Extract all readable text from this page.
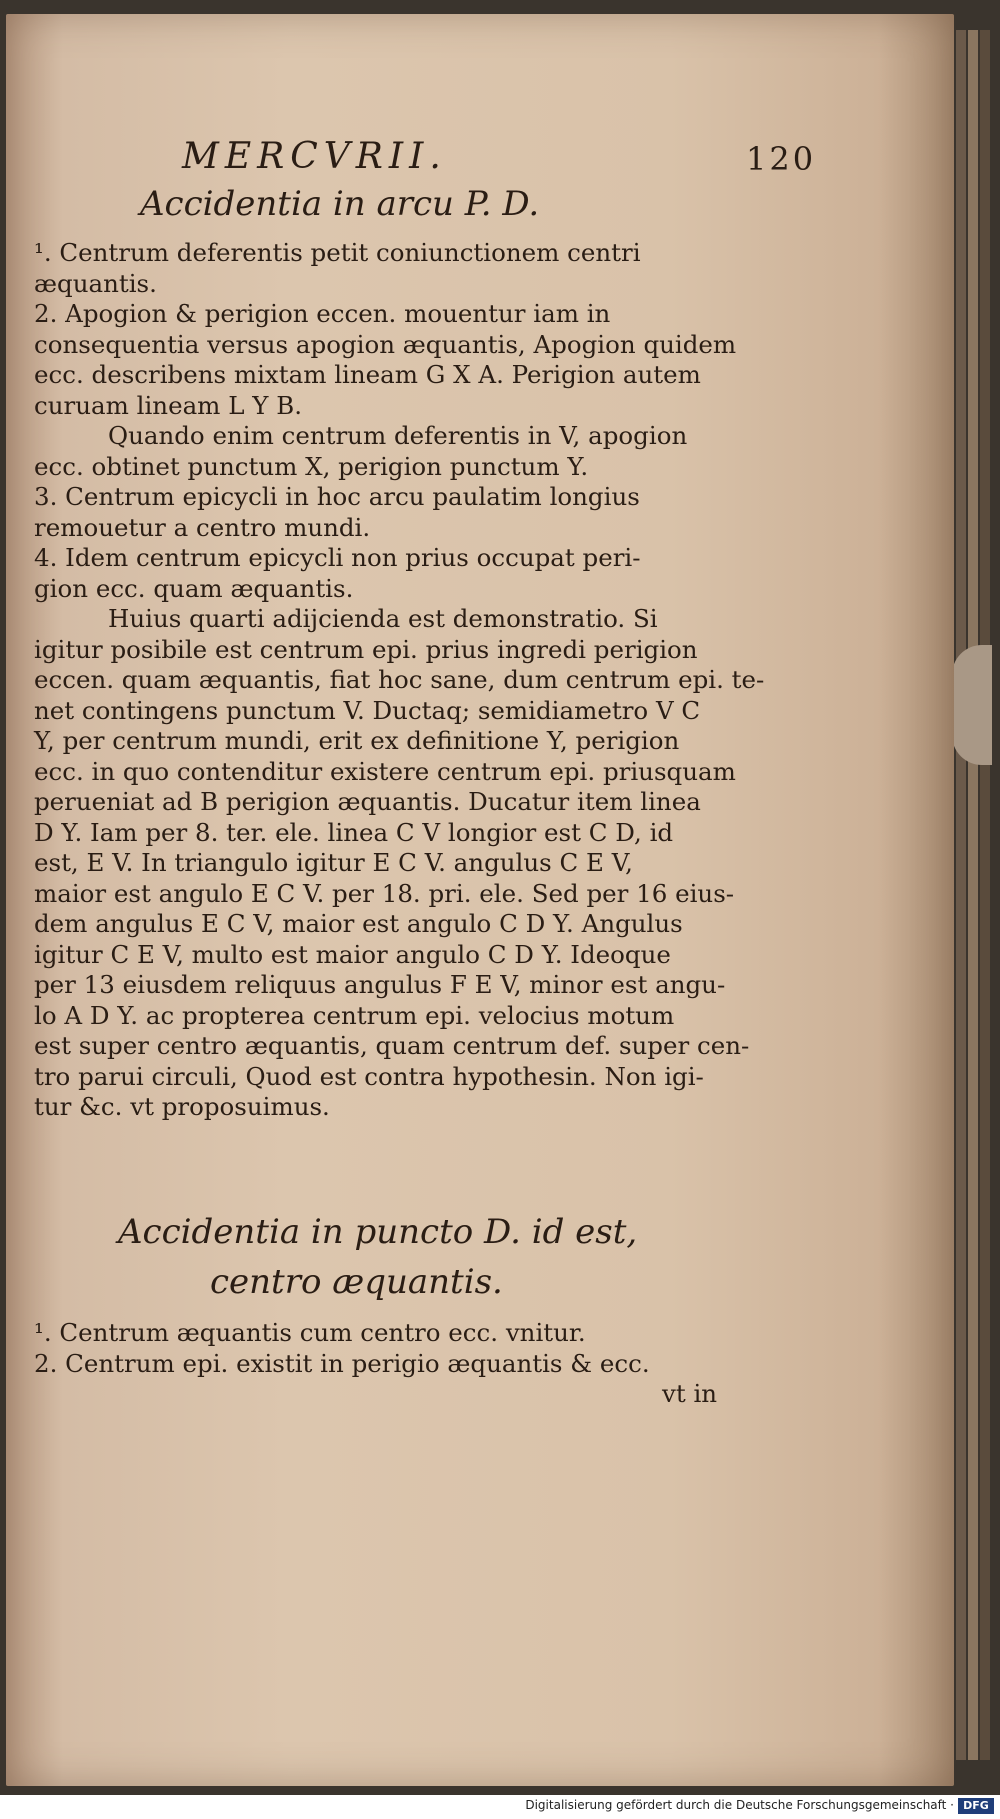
MERCVRII.	120
Accidentia in arcu P. D.

¹. Centrum deferentis petit coniunctionem centri

æquantis.

2. Apogion & perigion eccen. mouentur iam in

consequentia versus apogion æquantis, Apogion quidem

ecc. describens mixtam lineam G X A. Perigion autem

curuam lineam L Y B.

Quando enim centrum deferentis in V, apogion

ecc. obtinet punctum X, perigion punctum Y.

3. Centrum epicycli in hoc arcu paulatim longius

remouetur a centro mundi.

4. Idem centrum epicycli non prius occupat peri-

gion ecc. quam æquantis.

Huius quarti adijcienda est demonstratio. Si

igitur posibile est centrum epi. prius ingredi perigion

eccen. quam æquantis, fiat hoc sane, dum centrum epi. te-

net contingens punctum V. Ductaq; semidiametro V C

Y, per centrum mundi, erit ex definitione Y, perigion

ecc. in quo contenditur existere centrum epi. priusquam

perueniat ad B perigion æquantis. Ducatur item linea

D Y. Iam per 8. ter. ele. linea C V longior est C D, id

est, E V. In triangulo igitur E C V. angulus C E V,

maior est angulo E C V. per 18. pri. ele. Sed per 16 eius-

dem angulus E C V, maior est angulo C D Y. Angulus

igitur C E V, multo est maior angulo C D Y. Ideoque

per 13 eiusdem reliquus angulus F E V, minor est angu-

lo A D Y. ac propterea centrum epi. velocius motum

est super centro æquantis, quam centrum def. super cen-

tro parui circuli, Quod est contra hypothesin. Non igi-

tur &c. vt proposuimus.

Accidentia in puncto D. id est,
centro æquantis.

¹. Centrum æquantis cum centro ecc. vnitur.

2. Centrum epi. existit in perigio æquantis & ecc.

vt in

Digitalisierung gefördert durch die Deutsche Forschungsgemeinschaft · DFG
